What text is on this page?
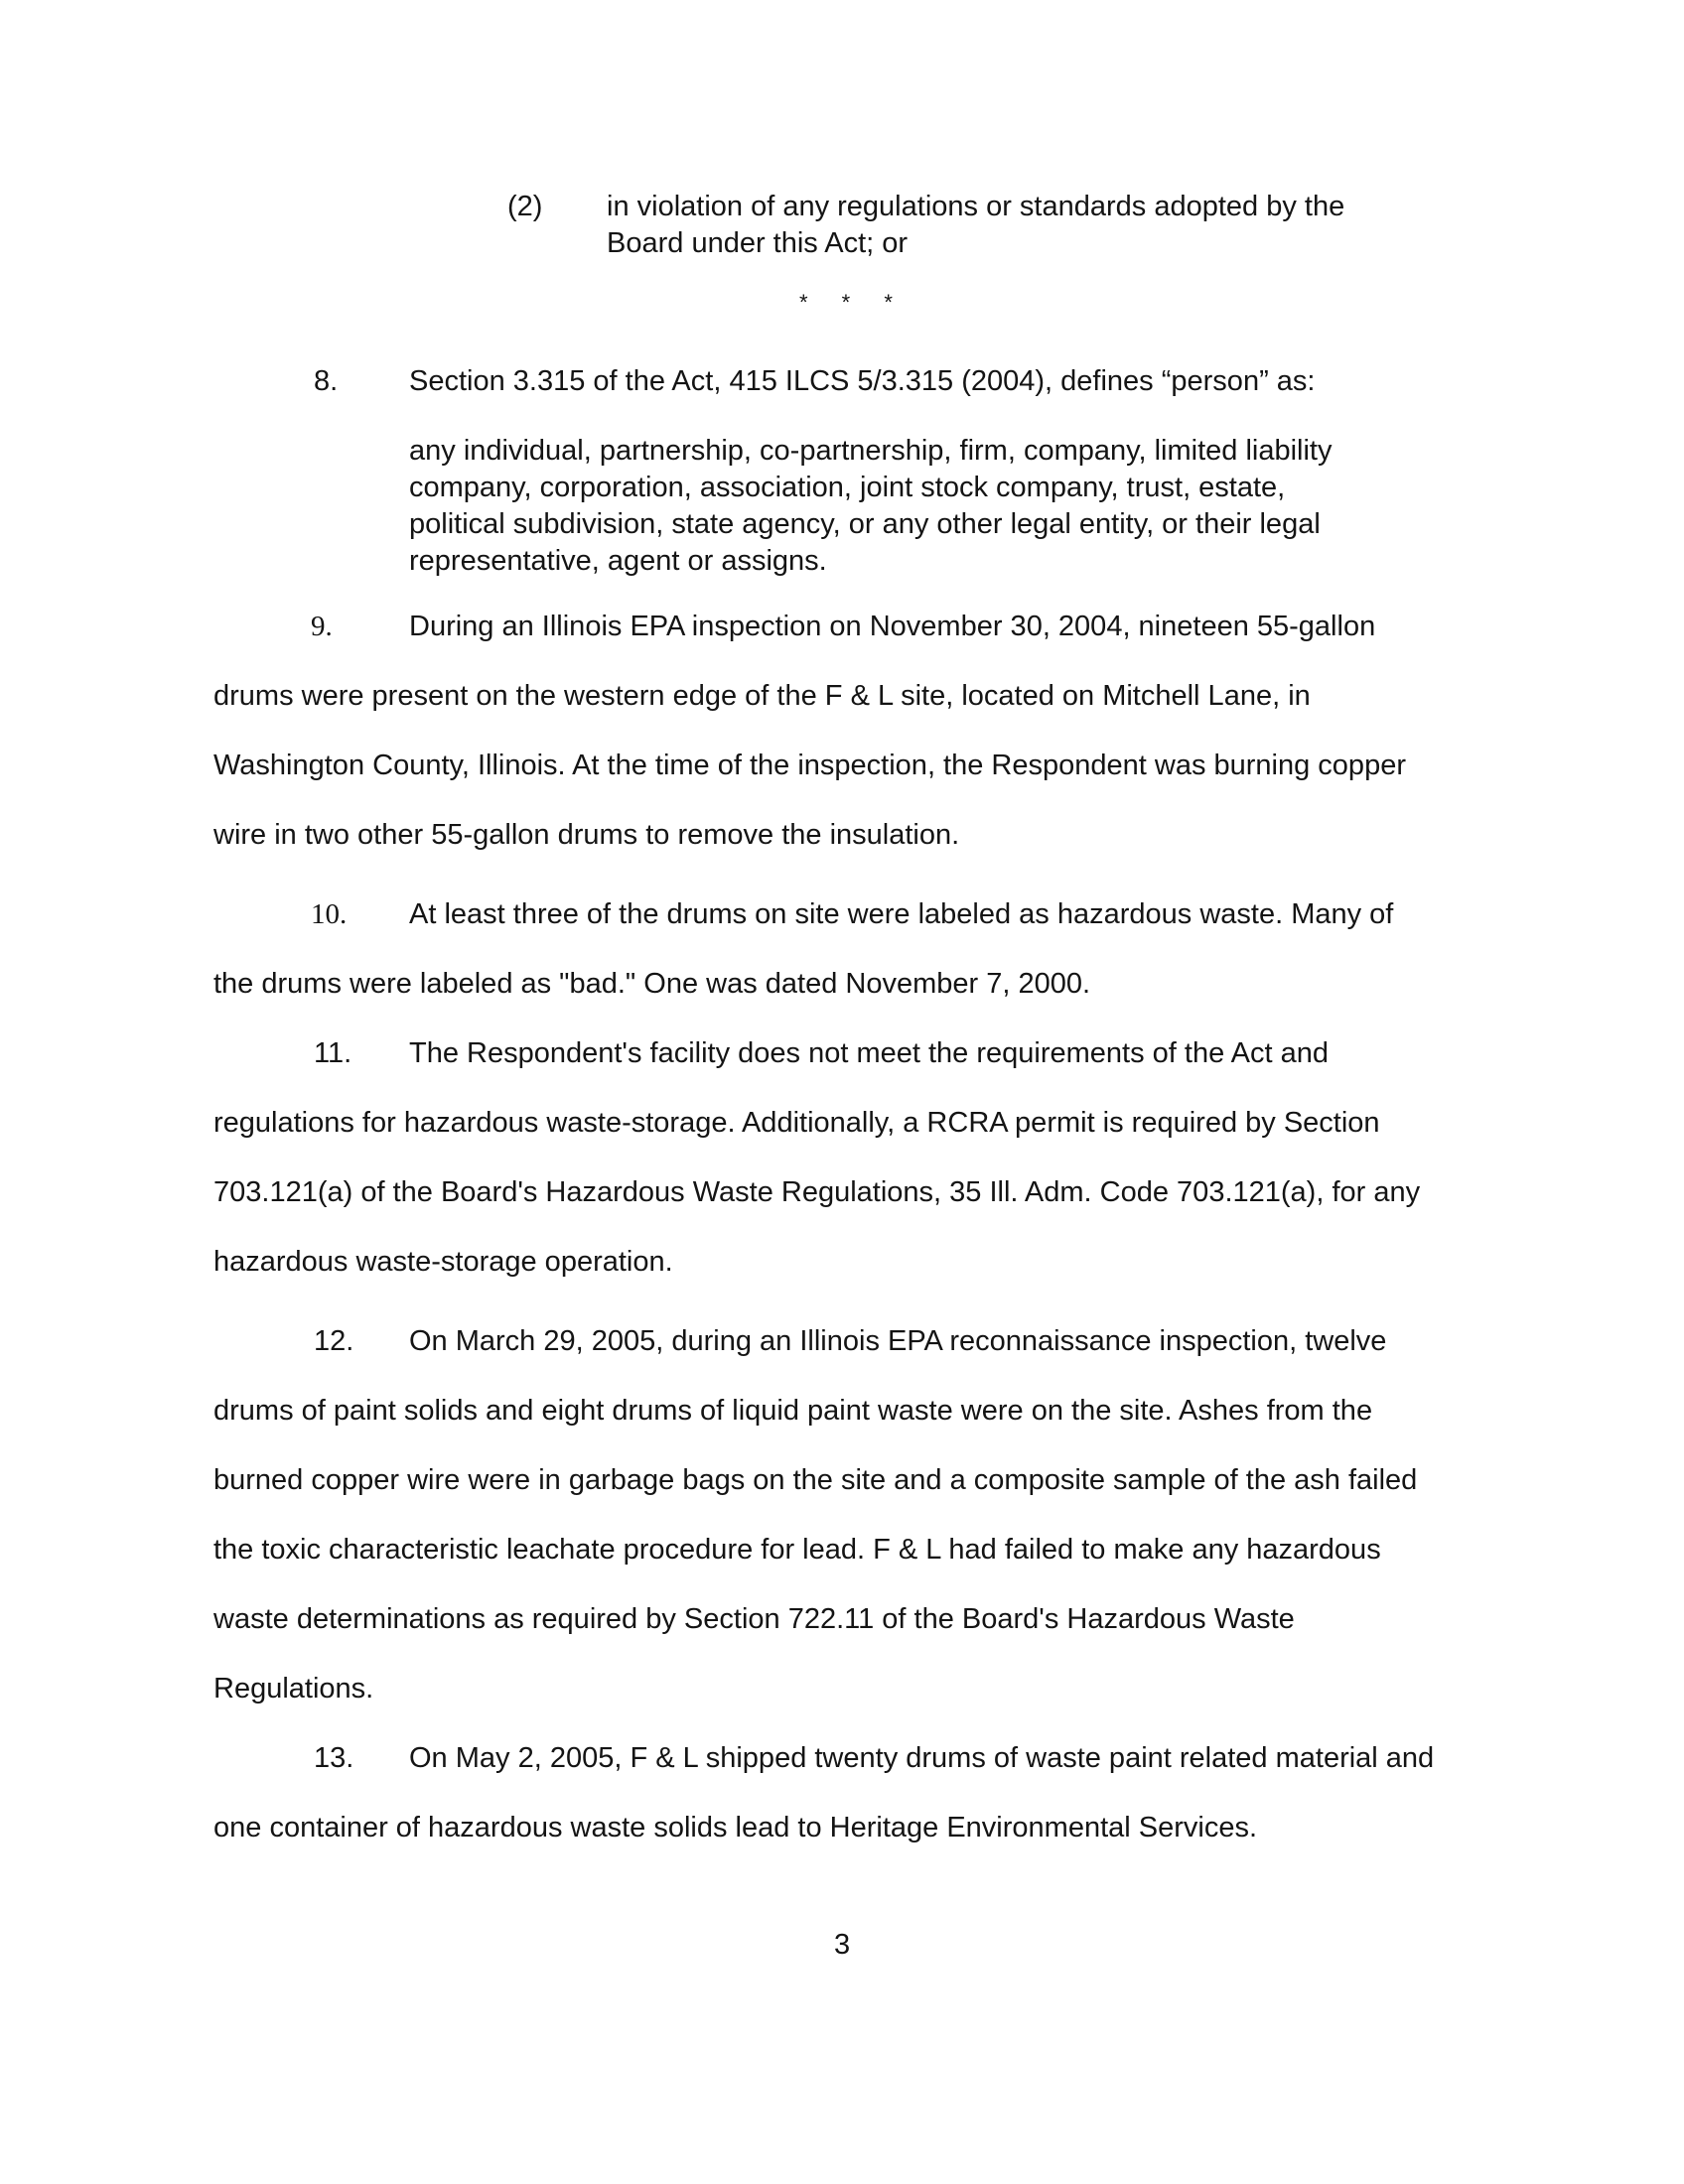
(2) in violation of any regulations or standards adopted by the
Board under this Act; or
* * *
8. Section 3.315 of the Act, 415 ILCS 5/3.315 (2004), defines “person” as:
any individual, partnership, co-partnership, firm, company, limited liability
company, corporation, association, joint stock company, trust, estate,
political subdivision, state agency, or any other legal entity, or their legal
representative, agent or assigns.
9.	During an Illinois EPA inspection on November 30, 2004, nineteen 55-gallon
drums were present on the western edge of the F & L site, located on Mitchell Lane, in
Washington County, Illinois. At the time of the inspection, the Respondent was burning copper
wire in two other 55-gallon drums to remove the insulation.
10. At least three of the drums on site were labeled as hazardous waste. Many of
the drums were labeled as "bad." One was dated November 7, 2000.
11. The Respondent's facility does not meet the requirements of the Act and
regulations for hazardous waste-storage. Additionally, a RCRA permit is required by Section
703.121(a) of the Board's Hazardous Waste Regulations, 35 Ill. Adm. Code 703.121(a), for any
hazardous waste-storage operation.
12. On March 29, 2005, during an Illinois EPA reconnaissance inspection, twelve
drums of paint solids and eight drums of liquid paint waste were on the site. Ashes from the
burned copper wire were in garbage bags on the site and a composite sample of the ash failed
the toxic characteristic leachate procedure for lead. F & L had failed to make any hazardous
waste determinations as required by Section 722.11 of the Board's Hazardous Waste
Regulations.
13. On May 2, 2005, F & L shipped twenty drums of waste paint related material and
one container of hazardous waste solids lead to Heritage Environmental Services.
3
